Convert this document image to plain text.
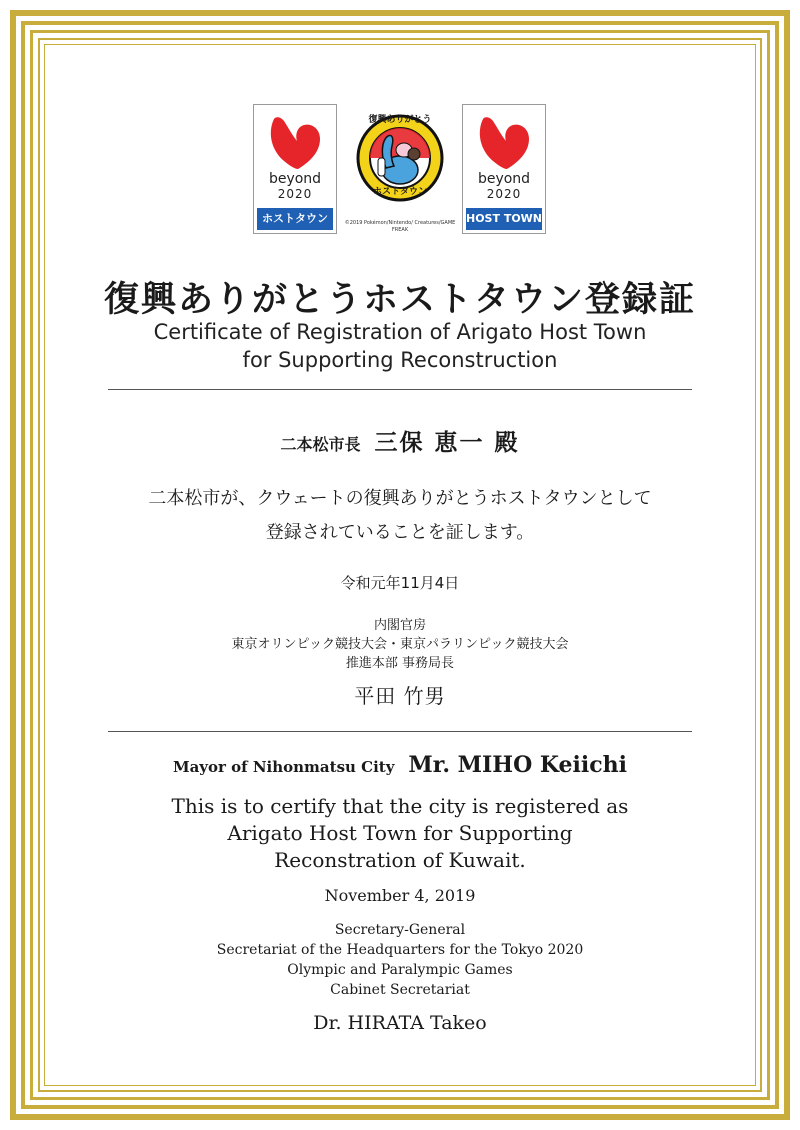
beyond
2020
ホストタウン
復興ありがとう
ホストタウン
©2019 Pokémon/Nintendo/ Creatures/GAME FREAK
beyond
2020
HOST TOWN
復興ありがとうホストタウン登録証
Certificate of Registration of Arigato Host Town
for Supporting Reconstruction
二本松市長 三保 恵一 殿
二本松市が、クウェートの復興ありがとうホストタウンとして
登録されていることを証します。
令和元年11月4日
内閣官房
東京オリンピック競技大会・東京パラリンピック競技大会
推進本部 事務局長
平田 竹男
Mayor of Nihonmatsu City Mr. MIHO Keiichi
This is to certify that the city is registered as
Arigato Host Town for Supporting
Reconstration of Kuwait.
November 4, 2019
Secretary-General
Secretariat of the Headquarters for the Tokyo 2020
Olympic and Paralympic Games
Cabinet Secretariat
Dr. HIRATA Takeo
